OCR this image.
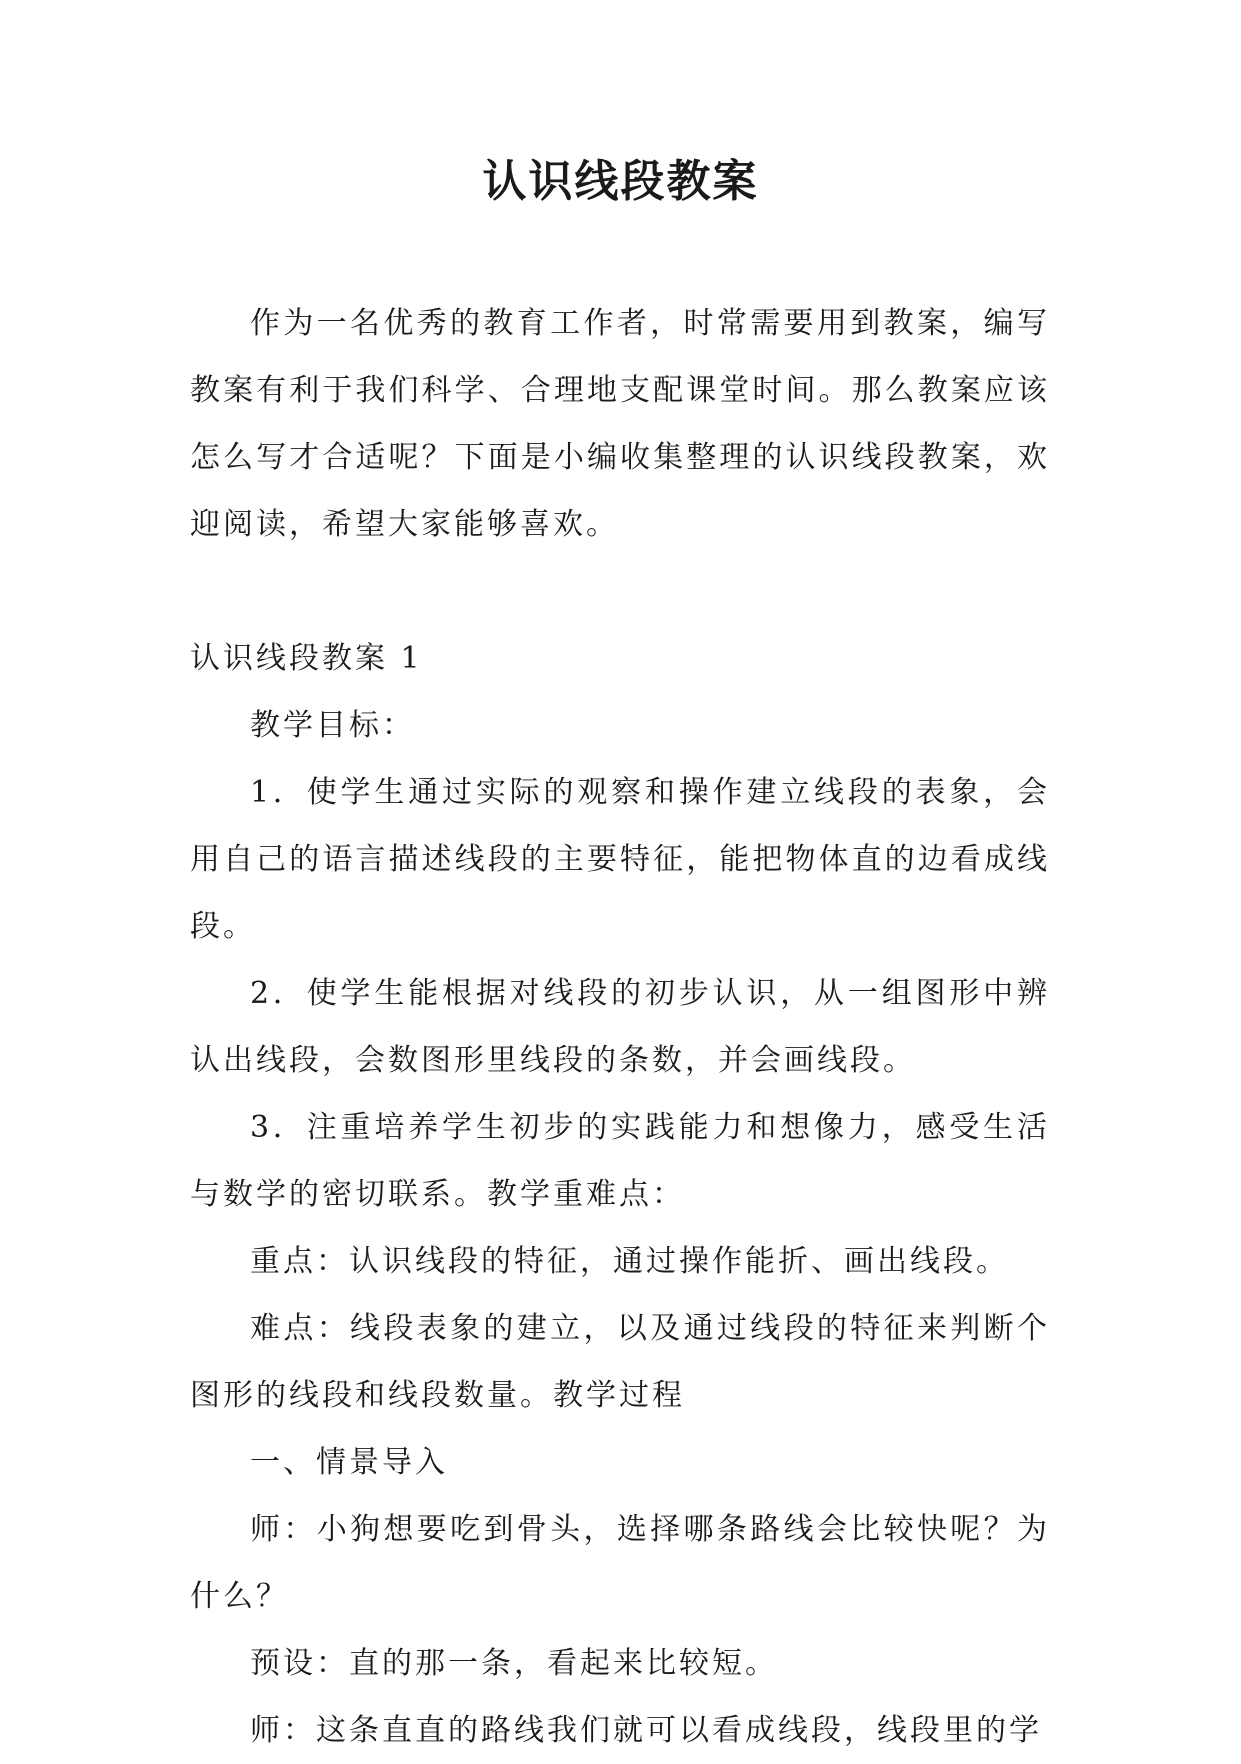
认识线段教案

作为一名优秀的教育工作者，时常需要用到教案，编写教案有利于我们科学、合理地支配课堂时间。那么教案应该怎么写才合适呢？下面是小编收集整理的认识线段教案，欢迎阅读，希望大家能够喜欢。

认识线段教案 1

教学目标：

1．使学生通过实际的观察和操作建立线段的表象，会用自己的语言描述线段的主要特征，能把物体直的边看成线段。

2．使学生能根据对线段的初步认识，从一组图形中辨认出线段，会数图形里线段的条数，并会画线段。

3．注重培养学生初步的实践能力和想像力，感受生活与数学的密切联系。教学重难点：

重点：认识线段的特征，通过操作能折、画出线段。

难点：线段表象的建立，以及通过线段的特征来判断个图形的线段和线段数量。教学过程

一、情景导入

师：小狗想要吃到骨头，选择哪条路线会比较快呢？为什么？

预设：直的那一条，看起来比较短。

师：这条直直的路线我们就可以看成线段，线段里的学
